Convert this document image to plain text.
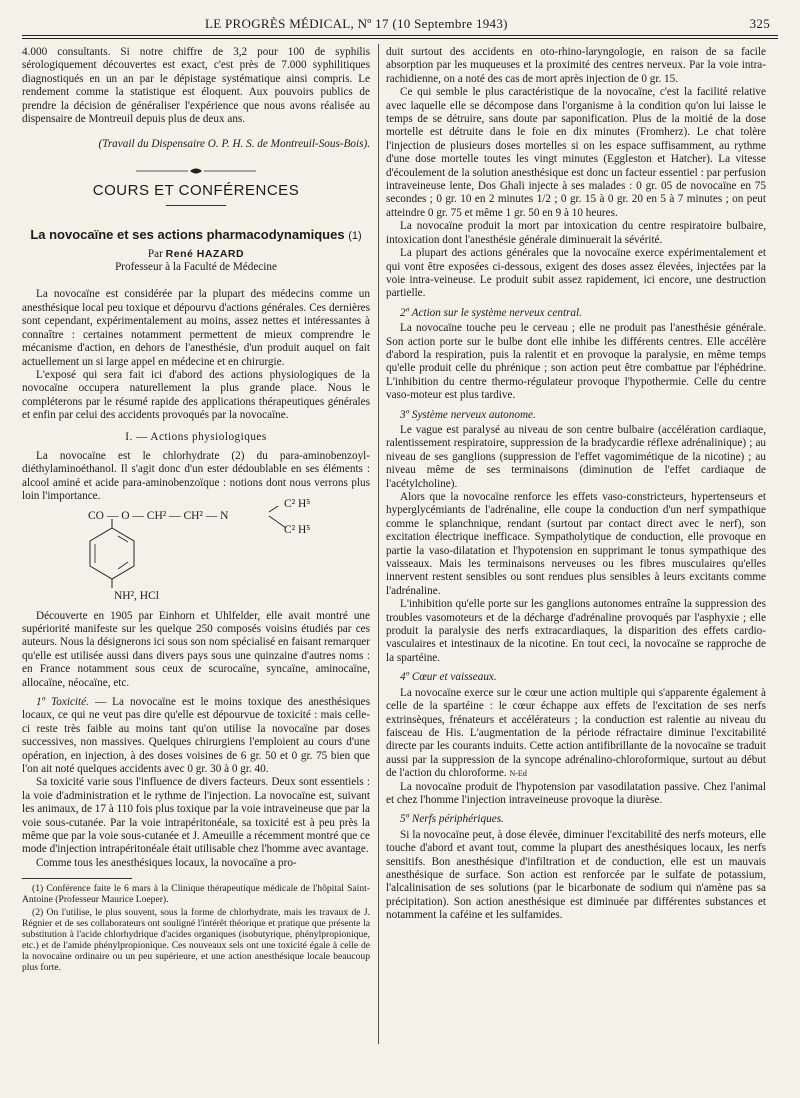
LE PROGRÈS MÉDICAL, Nº 17 (10 Septembre 1943)	325

4.000 consultants. Si notre chiffre de 3,2 pour 100 de syphilis sérologiquement découvertes est exact, c'est près de 7.000 syphilitiques diagnostiqués en un an par le dépistage systématique ainsi compris. Le rendement comme la statistique est éloquent. Aux pouvoirs publics de prendre la décision de généraliser l'expérience que nous avons réalisée au dispensaire de Montreuil depuis plus de deux ans.

(Travail du Dispensaire O. P. H. S. de Montreuil-Sous-Bois).

COURS ET CONFÉRENCES
La novocaïne et ses actions pharmacodynamiques (1)

Par René HAZARD

Professeur à la Faculté de Médecine

La novocaïne est considérée par la plupart des médecins comme un anesthésique local peu toxique et dépourvu d'actions générales. Ces dernières sont cependant, expérimentalement au moins, assez nettes et intéressantes à connaître : certaines notamment permettent de mieux comprendre le mécanisme d'action, en dehors de l'anesthésie, d'un produit auquel on fait actuellement un si large appel en médecine et en chirurgie.

L'exposé qui sera fait ici d'abord des actions physiologiques de la novocaïne occupera naturellement la plus grande place. Nous le compléterons par le résumé rapide des applications thérapeutiques générales et enfin par celui des accidents provoqués par la novocaïne.

I. — Actions physiologiques

La novocaïne est le chlorhydrate (2) du para-aminobenzoyl-diéthylaminoéthanol. Il s'agit donc d'un ester dédoublable en ses éléments : alcool aminé et acide para-aminobenzoïque : notions dont nous verrons plus loin l'importance.

CO — O — CH² — CH² — N
C² H⁵
C² H⁵
NH², HCl

Découverte en 1905 par Einhorn et Uhlfelder, elle avait montré une supériorité manifeste sur les quelque 250 composés voisins étudiés par ces auteurs. Nous la désignerons ici sous son nom spécialisé en faisant remarquer qu'elle est utilisée aussi dans divers pays sous une quinzaine d'autres noms : en France notamment sous ceux de scurocaïne, syncaïne, aminocaïne, allocaïne, néocaïne, etc.

1º Toxicité. — La novocaïne est le moins toxique des anesthésiques locaux, ce qui ne veut pas dire qu'elle est dépourvue de toxicité : mais celle-ci reste très faible au moins tant qu'on utilise la novocaïne par doses successives, non massives. Quelques chirurgiens l'emploient au cours d'une opération, en injection, à des doses voisines de 6 gr. 50 et 0 gr. 75 bien que l'on ait noté quelques accidents avec 0 gr. 30 à 0 gr. 40.

Sa toxicité varie sous l'influence de divers facteurs. Deux sont essentiels : la voie d'administration et le rythme de l'injection. La novocaïne est, suivant les animaux, de 17 à 110 fois plus toxique par la voie intraveineuse que par la voie sous-cutanée. Par la voie intrapéritonéale, sa toxicité est à peu près la même que par la voie sous-cutanée et J. Ameuille a récemment montré que ce mode d'injection intrapéritonéale était utilisable chez l'homme avec avantage.

Comme tous les anesthésiques locaux, la novocaïne a pro-

(1) Conférence faite le 6 mars à la Clinique thérapeutique médicale de l'hôpital Saint-Antoine (Professeur Maurice Loeper).

(2) On l'utilise, le plus souvent, sous la forme de chlorhydrate, mais les travaux de J. Régnier et de ses collaborateurs ont souligné l'intérêt théorique et pratique que présente la substitution à l'acide chlorhydrique d'acides organiques (isobutyrique, phénylpropionique, etc.) et de l'amide phénylpropionique. Ces nouveaux sels ont une toxicité égale à celle de la novocaïne ordinaire ou un peu supérieure, et une action anesthésique locale beaucoup plus forte.

duit surtout des accidents en oto-rhino-laryngologie, en raison de sa facile absorption par les muqueuses et la proximité des centres nerveux. Par la voie intra-rachidienne, on a noté des cas de mort après injection de 0 gr. 15.

Ce qui semble le plus caractéristique de la novocaïne, c'est la facilité relative avec laquelle elle se décompose dans l'organisme à la condition qu'on lui laisse le temps de se détruire, sans doute par saponification. Plus de la moitié de la dose mortelle est détruite dans le foie en dix minutes (Fromherz). Le chat tolère l'injection de plusieurs doses mortelles si on les espace suffisamment, au rythme d'une dose mortelle toutes les vingt minutes (Eggleston et Hatcher). La vitesse d'écoulement de la solution anesthésique est donc un facteur essentiel : par perfusion intraveineuse lente, Dos Ghali injecte à ses malades : 0 gr. 05 de novocaïne en 75 secondes ; 0 gr. 10 en 2 minutes 1/2 ; 0 gr. 15 à 0 gr. 20 en 5 à 7 minutes ; on peut atteindre 0 gr. 75 et même 1 gr. 50 en 9 à 10 heures.

La novocaïne produit la mort par intoxication du centre respiratoire bulbaire, intoxication dont l'anesthésie générale diminuerait la sévérité.

La plupart des actions générales que la novocaïne exerce expérimentalement et qui vont être exposées ci-dessous, exigent des doses assez élevées, injectées par la voie intra-veineuse. Le produit subit assez rapidement, ici encore, une destruction partielle.

2º Action sur le système nerveux central.

La novocaïne touche peu le cerveau ; elle ne produit pas l'anesthésie générale. Son action porte sur le bulbe dont elle inhibe les différents centres. Elle accélère d'abord la respiration, puis la ralentit et en provoque la paralysie, en même temps qu'elle produit celle du phrénique ; son action peut être combattue par l'éphédrine. L'inhibition du centre thermo-régulateur provoque l'hypothermie. Celle du centre vaso-moteur est plus tardive.

3º Système nerveux autonome.

Le vague est paralysé au niveau de son centre bulbaire (accélération cardiaque, ralentissement respiratoire, suppression de la bradycardie réflexe adrénalinique) ; au niveau de ses ganglions (suppression de l'effet vagomimétique de la nicotine) ; au niveau même de ses terminaisons (diminution de l'effet cardiaque de l'acétylcholine).

Alors que la novocaïne renforce les effets vaso-constricteurs, hypertenseurs et hyperglycémiants de l'adrénaline, elle coupe la conduction d'un nerf sympathique comme le splanchnique, rendant (surtout par contact direct avec le nerf), son excitation électrique inefficace. Sympatholytique de conduction, elle provoque en partie la vaso-dilatation et l'hypotension en supprimant le tonus sympathique des vaisseaux. Mais les terminaisons nerveuses ou les fibres musculaires qu'elles innervent restent sensibles ou sont rendues plus sensibles à leurs excitants comme l'adrénaline.

L'inhibition qu'elle porte sur les ganglions autonomes entraîne la suppression des troubles vasomoteurs et de la décharge d'adrénaline provoqués par l'asphyxie ; elle produit la paralysie des nerfs extracardiaques, la disparition des effets cardio-vasculaires et intestinaux de la nicotine. En tout ceci, la novocaïne se rapproche de la spartéine.

4º Cœur et vaisseaux.

La novocaïne exerce sur le cœur une action multiple qui s'apparente également à celle de la spartéine : le cœur échappe aux effets de l'excitation de ses nerfs extrinsèques, frénateurs et accélérateurs ; la conduction est ralentie au niveau du faisceau de His. L'augmentation de la période réfractaire diminue l'excitabilité directe par les courants induits. Cette action antifibrillante de la novocaïne se traduit aussi par la suppression de la syncope adrénalino-chloroformique, surtout au début de l'action du chloroforme. N-Ed

La novocaïne produit de l'hypotension par vasodilatation passive. Chez l'animal et chez l'homme l'injection intraveineuse provoque la diurèse.

5º Nerfs périphériques.

Si la novocaïne peut, à dose élevée, diminuer l'excitabilité des nerfs moteurs, elle touche d'abord et avant tout, comme la plupart des anesthésiques locaux, les nerfs sensitifs. Bon anesthésique d'infiltration et de conduction, elle est un mauvais anesthésique de surface. Son action est renforcée par le sulfate de potassium, l'alcalinisation de ses solutions (par le bicarbonate de sodium qui n'amène pas sa précipitation). Son action anesthésique est diminuée par différentes substances et notamment la caféine et les sulfamides.
